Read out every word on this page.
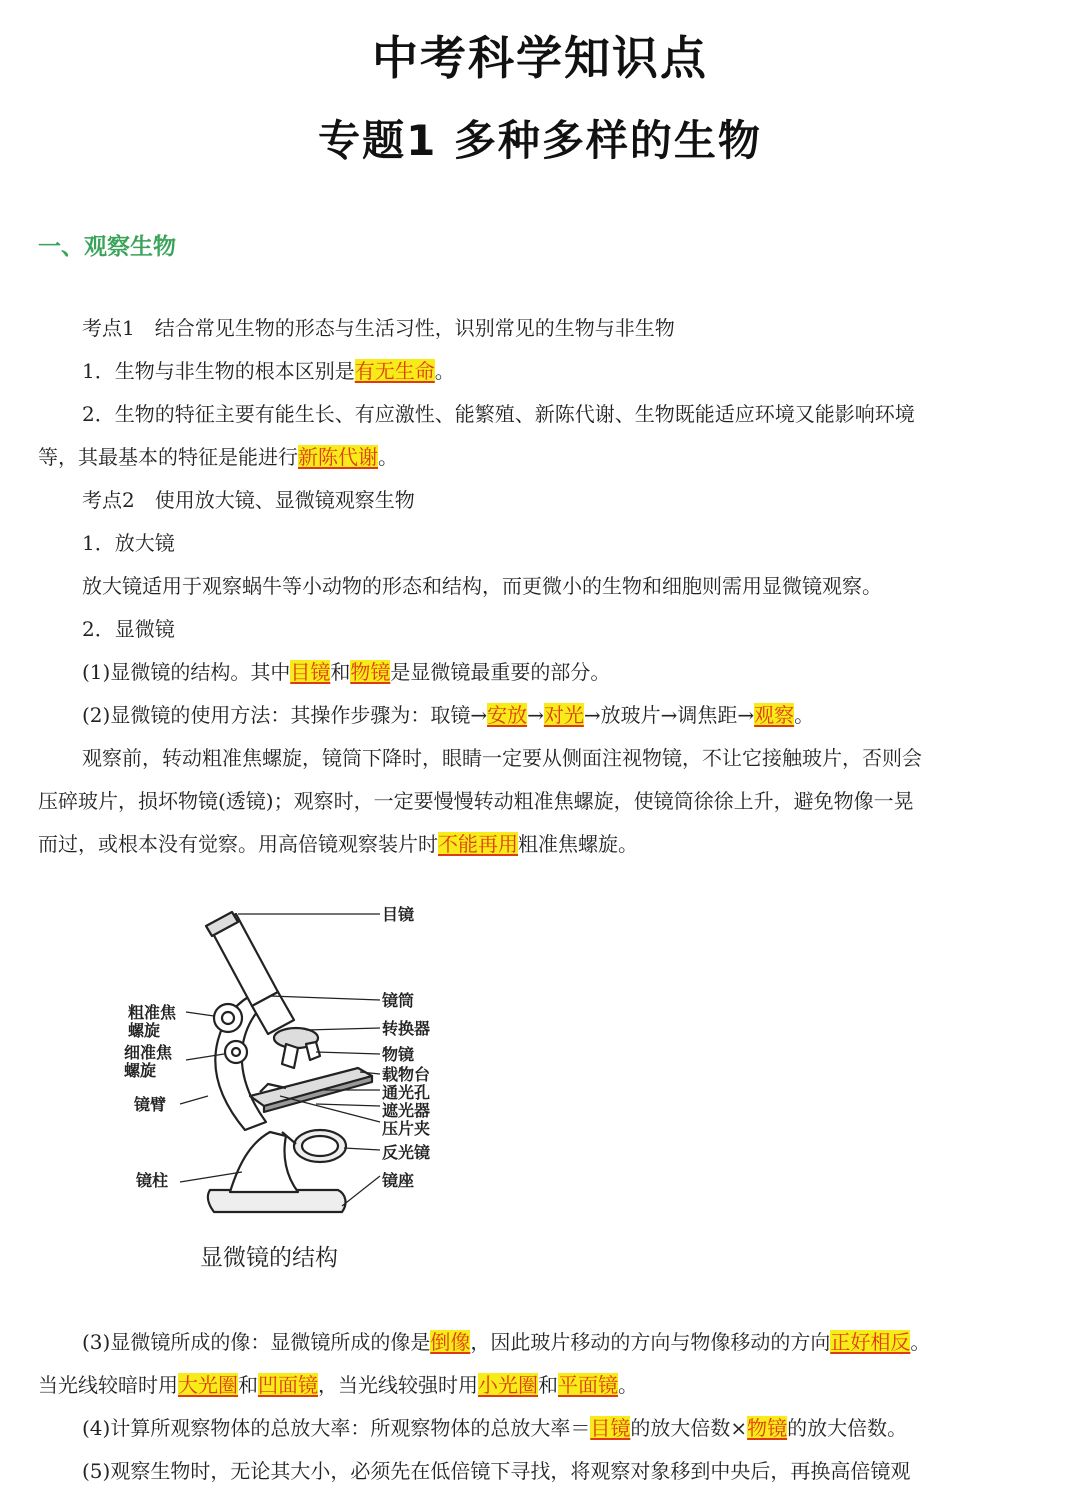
中考科学知识点
专题1 多种多样的生物
一、观察生物

考点1　结合常见生物的形态与生活习性，识别常见的生物与非生物

1．生物与非生物的根本区别是有无生命。

2．生物的特征主要有能生长、有应激性、能繁殖、新陈代谢、生物既能适应环境又能影响环境

等，其最基本的特征是能进行新陈代谢。

考点2　使用放大镜、显微镜观察生物

1．放大镜

放大镜适用于观察蜗牛等小动物的形态和结构，而更微小的生物和细胞则需用显微镜观察。

2．显微镜

(1)显微镜的结构。其中目镜和物镜是显微镜最重要的部分。

(2)显微镜的使用方法：其操作步骤为：取镜→安放→对光→放玻片→调焦距→观察。

观察前，转动粗准焦螺旋，镜筒下降时，眼睛一定要从侧面注视物镜，不让它接触玻片，否则会

压碎玻片，损坏物镜(透镜)；观察时，一定要慢慢转动粗准焦螺旋，使镜筒徐徐上升，避免物像一晃

而过，或根本没有觉察。用高倍镜观察装片时不能再用粗准焦螺旋。

目镜
镜筒
转换器
物镜
载物台
通光孔
遮光器
压片夹
反光镜
镜座
粗准焦
螺旋
细准焦
螺旋
镜臂
镜柱
显微镜的结构

(3)显微镜所成的像：显微镜所成的像是倒像，因此玻片移动的方向与物像移动的方向正好相反。

当光线较暗时用大光圈和凹面镜，当光线较强时用小光圈和平面镜。

(4)计算所观察物体的总放大率：所观察物体的总放大率＝目镜的放大倍数×物镜的放大倍数。

(5)观察生物时，无论其大小，必须先在低倍镜下寻找，将观察对象移到中央后，再换高倍镜观
